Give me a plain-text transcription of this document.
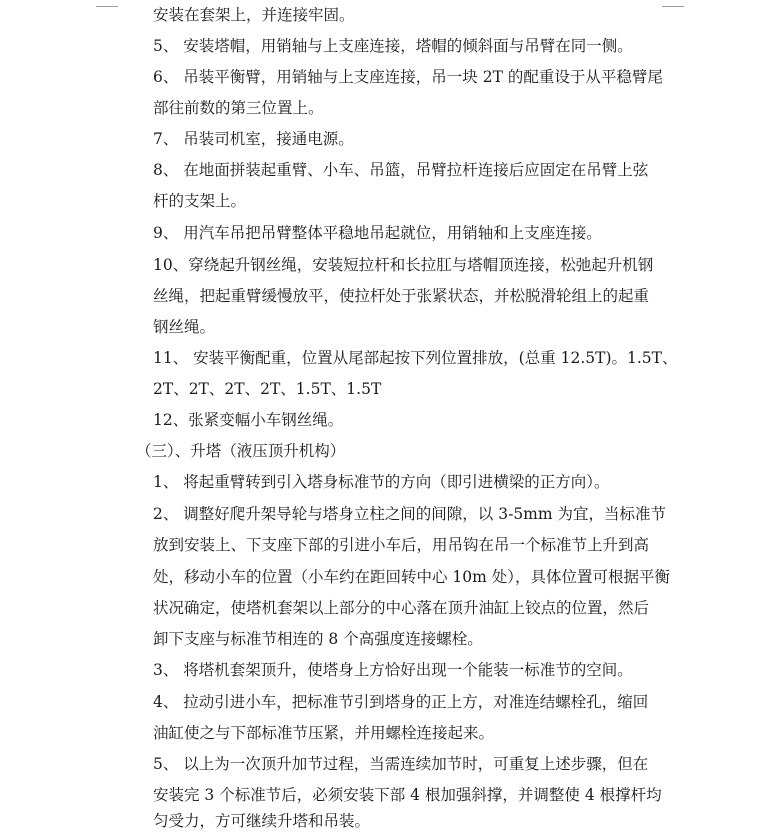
安装在套架上，并连接牢固。
5、 安装塔帽，用销轴与上支座连接，塔帽的倾斜面与吊臂在同一侧。
6、 吊装平衡臂，用销轴与上支座连接，吊一块 2T 的配重设于从平稳臂尾
部往前数的第三位置上。
7、 吊装司机室，接通电源。
8、 在地面拼装起重臂、小车、吊篮，吊臂拉杆连接后应固定在吊臂上弦
杆的支架上。
9、 用汽车吊把吊臂整体平稳地吊起就位，用销轴和上支座连接。
10、穿绕起升钢丝绳，安装短拉杆和长拉肛与塔帽顶连接，松弛起升机钢
丝绳，把起重臂缓慢放平，使拉杆处于张紧状态，并松脱滑轮组上的起重
钢丝绳。
11、 安装平衡配重，位置从尾部起按下列位置排放，(总重 12.5T)。1.5T、
2T、2T、2T、2T、1.5T、1.5T
12、张紧变幅小车钢丝绳。
（三）、升塔（液压顶升机构）
1、 将起重臂转到引入塔身标准节的方向（即引进横梁的正方向）。
2、 调整好爬升架导轮与塔身立柱之间的间隙，以 3-5mm 为宜，当标准节
放到安装上、下支座下部的引进小车后，用吊钩在吊一个标准节上升到高
处，移动小车的位置（小车约在距回转中心 10m 处），具体位置可根据平衡
状况确定，使塔机套架以上部分的中心落在顶升油缸上铰点的位置，然后
卸下支座与标准节相连的 8 个高强度连接螺栓。
3、 将塔机套架顶升，使塔身上方恰好出现一个能装一标准节的空间。
4、 拉动引进小车，把标准节引到塔身的正上方，对准连结螺栓孔，缩回
油缸使之与下部标准节压紧，并用螺栓连接起来。
5、 以上为一次顶升加节过程，当需连续加节时，可重复上述步骤，但在
安装完 3 个标准节后，必须安装下部 4 根加强斜撑，并调整使 4 根撑杆均
匀受力，方可继续升塔和吊装。
